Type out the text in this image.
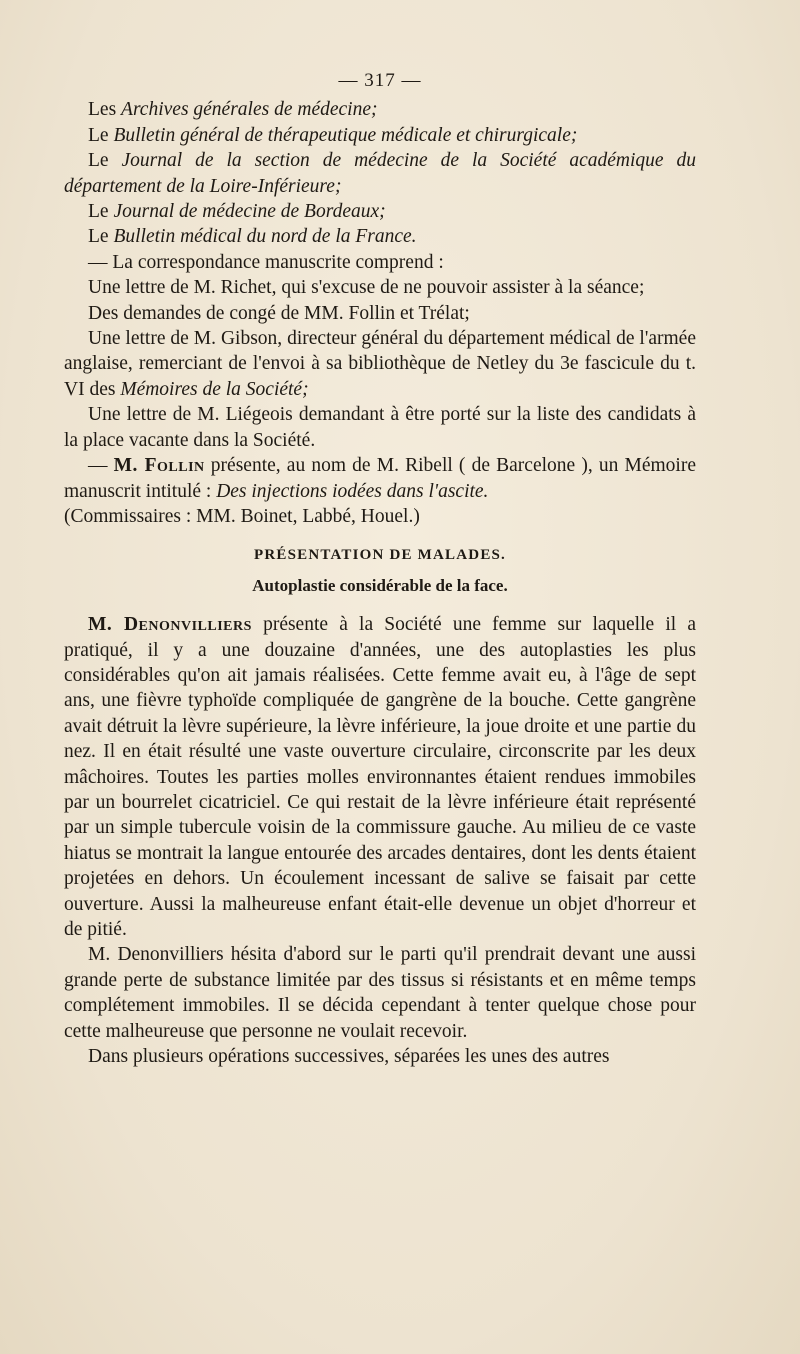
— 317 —

Les Archives générales de médecine;

Le Bulletin général de thérapeutique médicale et chirurgicale;

Le Journal de la section de médecine de la Société académique du département de la Loire-Inférieure;

Le Journal de médecine de Bordeaux;

Le Bulletin médical du nord de la France.

— La correspondance manuscrite comprend :

Une lettre de M. Richet, qui s'excuse de ne pouvoir assister à la séance;

Des demandes de congé de MM. Follin et Trélat;

Une lettre de M. Gibson, directeur général du département médical de l'armée anglaise, remerciant de l'envoi à sa bibliothèque de Netley du 3e fascicule du t. VI des Mémoires de la Société;

Une lettre de M. Liégeois demandant à être porté sur la liste des candidats à la place vacante dans la Société.

— M. Follin présente, au nom de M. Ribell ( de Barcelone ), un Mémoire manuscrit intitulé : Des injections iodées dans l'ascite.

(Commissaires : MM. Boinet, Labbé, Houel.)

PRÉSENTATION DE MALADES.
Autoplastie considérable de la face.

M. Denonvilliers présente à la Société une femme sur laquelle il a pratiqué, il y a une douzaine d'années, une des autoplasties les plus considérables qu'on ait jamais réalisées. Cette femme avait eu, à l'âge de sept ans, une fièvre typhoïde compliquée de gangrène de la bouche. Cette gangrène avait détruit la lèvre supérieure, la lèvre inférieure, la joue droite et une partie du nez. Il en était résulté une vaste ouverture circulaire, circonscrite par les deux mâchoires. Toutes les parties molles environnantes étaient rendues immobiles par un bourrelet cicatriciel. Ce qui restait de la lèvre inférieure était représenté par un simple tubercule voisin de la commissure gauche. Au milieu de ce vaste hiatus se montrait la langue entourée des arcades dentaires, dont les dents étaient projetées en dehors. Un écoulement incessant de salive se faisait par cette ouverture. Aussi la malheureuse enfant était-elle devenue un objet d'horreur et de pitié.

M. Denonvilliers hésita d'abord sur le parti qu'il prendrait devant une aussi grande perte de substance limitée par des tissus si résistants et en même temps complétement immobiles. Il se décida cependant à tenter quelque chose pour cette malheureuse que personne ne voulait recevoir.

Dans plusieurs opérations successives, séparées les unes des autres
